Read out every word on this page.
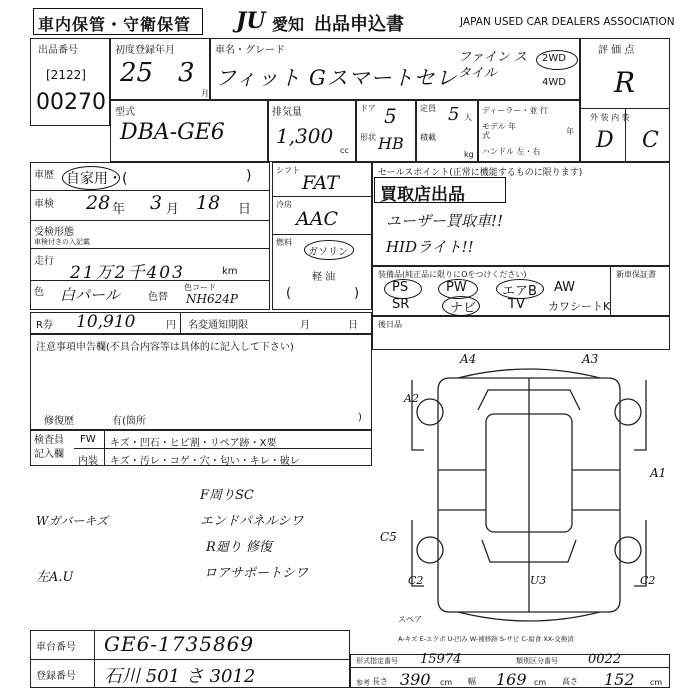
車内保管・守衛保管 JU 愛知 出品申込書	JAPAN USED CAR DEALERS ASSOCIATION
出品番号
[2122]
00270
初度登録年月
25 3
月
車名・グレード
フィット Gスマートセレ
ファイン スタイル
2WD
4WD
評 価 点
R
外 装 内 装
D C
型式
DBA-GE6
排気量
1,300
cc
ドア 5
形状 HB
定員 5 人
積載
kg
ディーラー・並 行
モデル 年式	年
ハンドル 左・右
車歴 自家用・(	)
車検 28 年 3 月 18 日
受検形態
車検付きの入記載
走行
21万2千403	km
色 白パール	色替
色コード
NH624P
シフト
FAT
冷房
AAC
燃料
ガソリン
軽 油
(	)
セールスポイント(正常に機能するものに限ります)
買取店出品
ユーザー買取車!!
HIDライト!!
装備品(純正品に限りにOをつけください)	新車保証書
PS	PW	エアB AW
SR	ナビ TV カワシートK
R券 10,910	円 名変通知期限	月	日	後日品
注意事項申告欄(不具合内容等は具体的に記入して下さい)
修復歴	有(箇所	)
検査員 記入欄
FW キズ・凹石・ヒビ割・リペア跡・X要
内装 キズ・汚レ・コゲ・穴・匂い・キレ・破レ
F周りSC
エンドパネルシワ
R廻り 修復
ロアサポートシワ
Wガバーキズ
左A.U
A4	A3
A2
A1
C5
C2	C2
U3
スペア
A-キズ E-エクボ U-凹み W-補修跡 S-サビ C-腐食 XX-交換済
車台番号 GE6-1735869
登録番号 石川 501 さ 3012
形式指定番号 15974	類別区分番号 0022
参考 長さ 390 cm 幅 169 cm 高さ 152 cm
